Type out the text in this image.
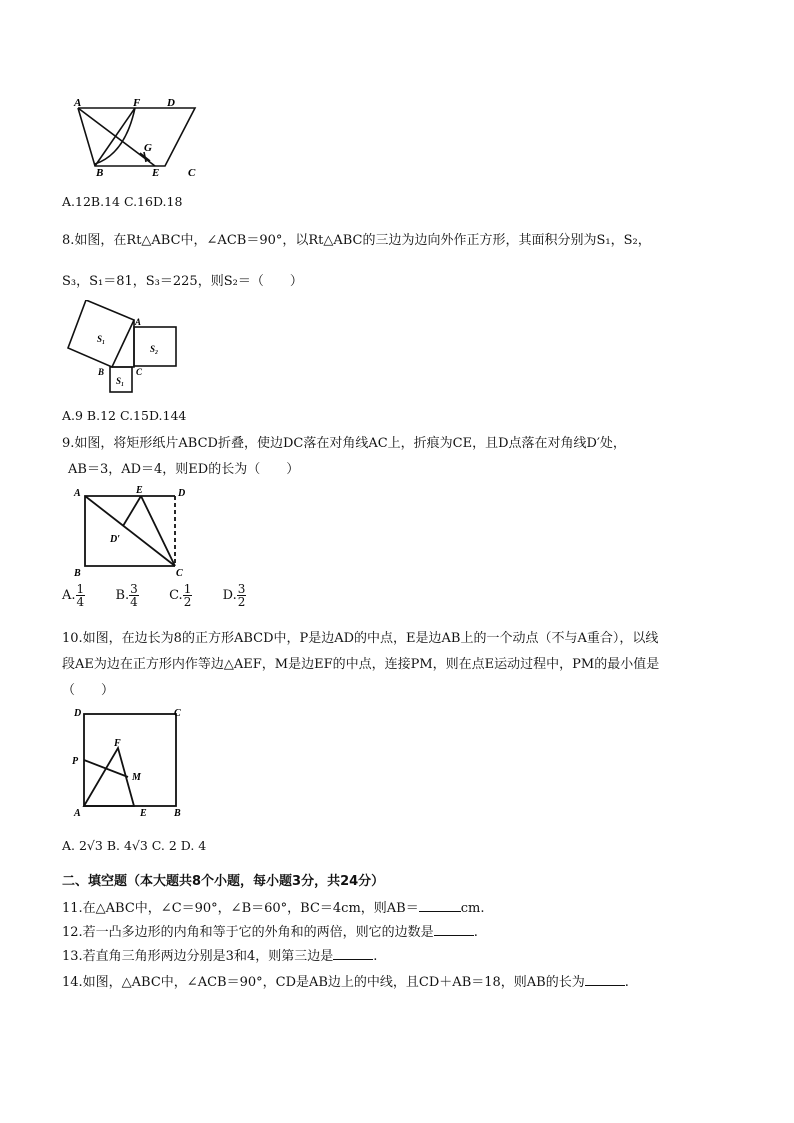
A	F D
G
B	E	C
A.12B.14 C.16D.18
8.如图，在Rt△ABC中，∠ACB＝90°，以Rt△ABC的三边为边向外作正方形，其面积分别为S₁，S₂，
S₃，S₁＝81，S₃＝225，则S₂＝（　　）
S₁
A
S₂
B	C
S₁
A.9 B.12 C.15D.144
9.如图，将矩形纸片ABCD折叠，使边DC落在对角线AC上，折痕为CE，且D点落在对角线D′处，
AB＝3，AD＝4，则ED的长为（　　）
A	E	D
D′
B	C
A. $\frac{1}{4} B$. $\frac{3}{4} C$. $\frac{1}{2} D$. $\frac{3}{2}$
10.如图，在边长为8的正方形ABCD中，P是边AD的中点，E是边AB上的一个动点（不与A重合），以线
段AE为边在正方形内作等边△AEF，M是边EF的中点，连接PM，则在点E运动过程中，PM的最小值是
（　　）
D	C
F
P
M
A	E	B
A. 2√3 B. 4√3 C. 2 D. 4
二、填空题（本大题共8个小题，每小题3分，共24分）
11.在△ABC中，∠C＝90°，∠B＝60°，BC＝4cm，则AB＝	cm.
12.若一凸多边形的内角和等于它的外角和的两倍，则它的边数是	.
13.若直角三角形两边分别是3和4，则第三边是	.
14.如图，△ABC中，∠ACB＝90°，CD是AB边上的中线，且CD＋AB＝18，则AB的长为	.
